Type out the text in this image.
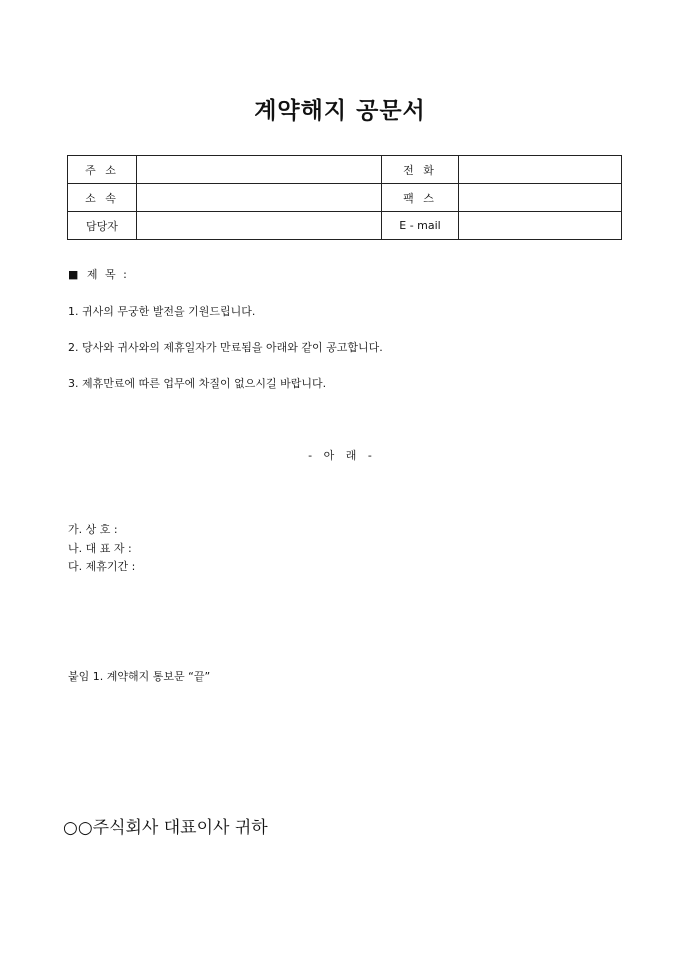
계약해지 공문서
주 소		전 화	
소 속		팩 스	
담당자		E - mail	
■ 제 목 :
1. 귀사의 무궁한 발전을 기원드립니다.
2. 당사와 귀사와의 제휴일자가 만료됨을 아래와 같이 공고합니다.
3. 제휴만료에 따른 업무에 차질이 없으시길 바랍니다.
- 아 래 -
가. 상 호 :
나. 대 표 자 :
다. 제휴기간 :
붙임 1. 계약해지 통보문 “끝”
○○주식회사 대표이사 귀하
